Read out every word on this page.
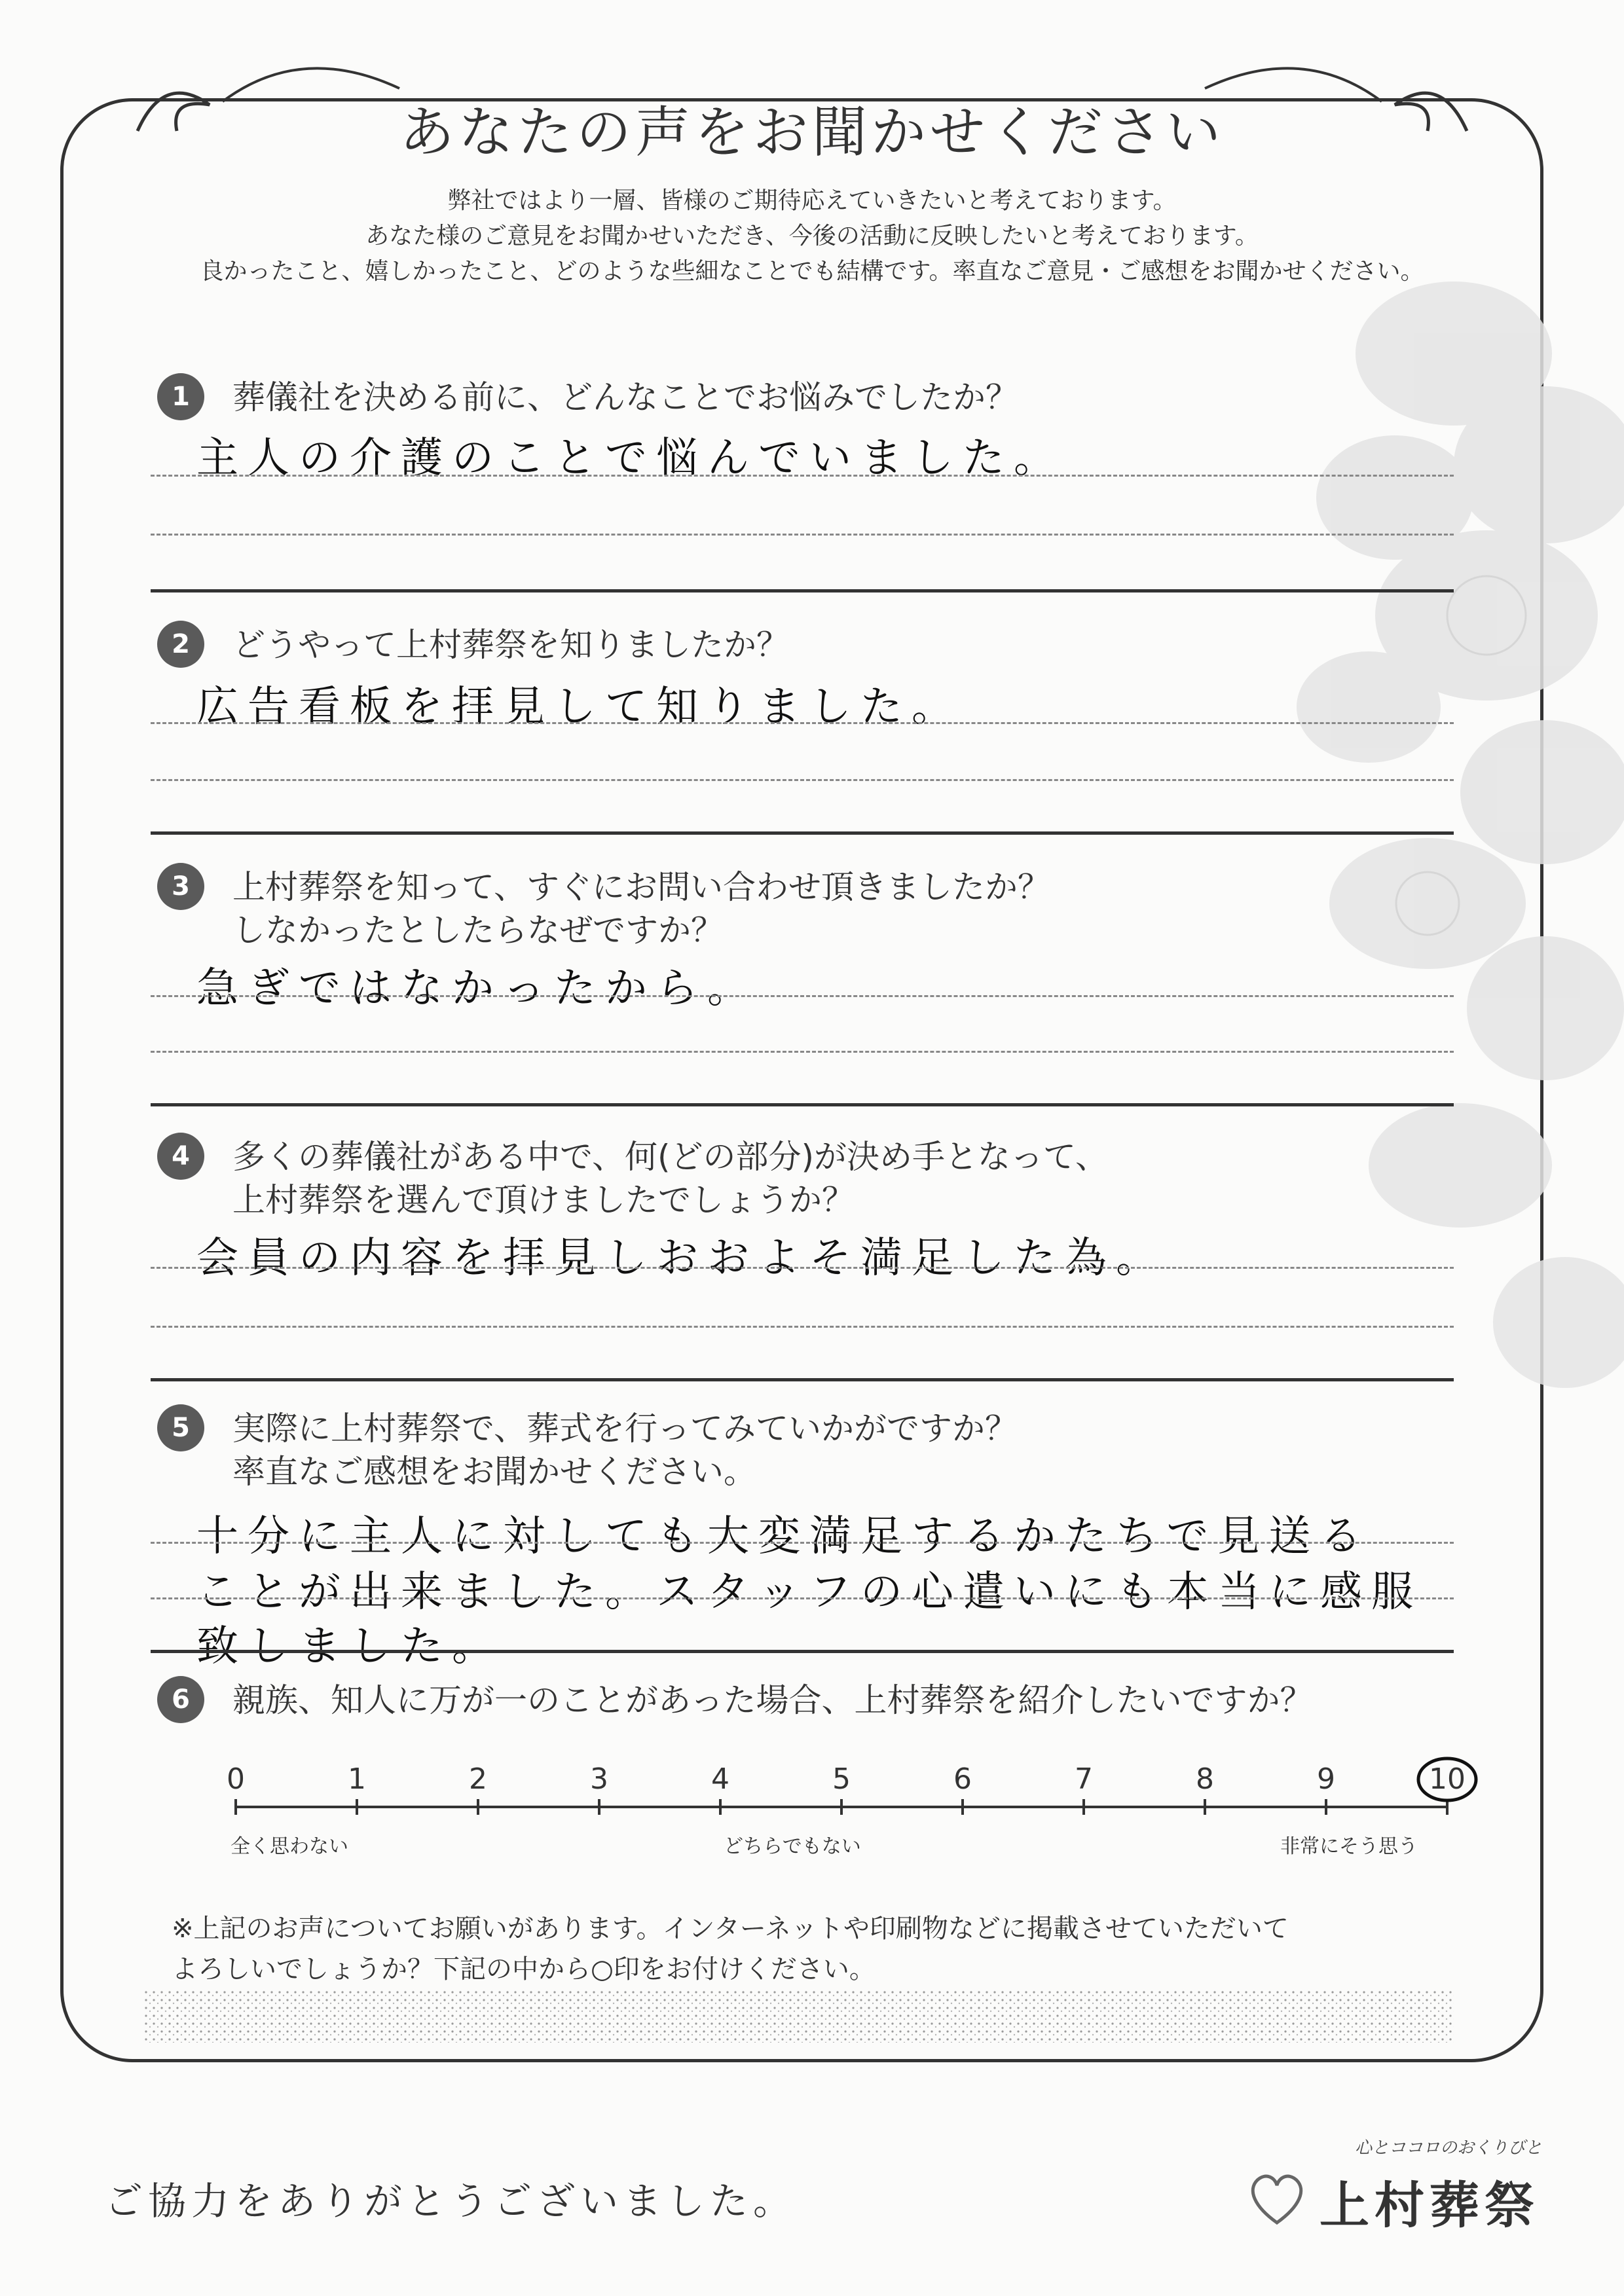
あなたの声をお聞かせください
弊社ではより一層、皆様のご期待応えていきたいと考えております。
あなた様のご意見をお聞かせいただき、今後の活動に反映したいと考えております。
良かったこと、嬉しかったこと、どのような些細なことでも結構です。率直なご意見・ご感想をお聞かせください。
1	葬儀社を決める前に、どんなことでお悩みでしたか？
主人の介護のことで悩んでいました。
2	どうやって上村葬祭を知りましたか？
広告看板を拝見して知りました。
3	上村葬祭を知って、すぐにお問い合わせ頂きましたか？
しなかったとしたらなぜですか？
急ぎではなかったから。
4	多くの葬儀社がある中で、何(どの部分)が決め手となって、
上村葬祭を選んで頂けましたでしょうか？
会員の内容を拝見しおおよそ満足した為。
5	実際に上村葬祭で、葬式を行ってみていかがですか？
率直なご感想をお聞かせください。
十分に主人に対しても大変満足するかたちで見送る
ことが出来ました。スタッフの心遣いにも本当に感服
致しました。
6	親族、知人に万が一のことがあった場合、上村葬祭を紹介したいですか？
0	1	2	3	4	5	6	7	8	9	10
全く思わない	どちらでもない	非常にそう思う
※上記のお声についてお願いがあります。インターネットや印刷物などに掲載させていただいて
よろしいでしょうか？下記の中から○印をお付けください。
ご協力をありがとうございました。
心とココロのおくりびと
上村葬祭
